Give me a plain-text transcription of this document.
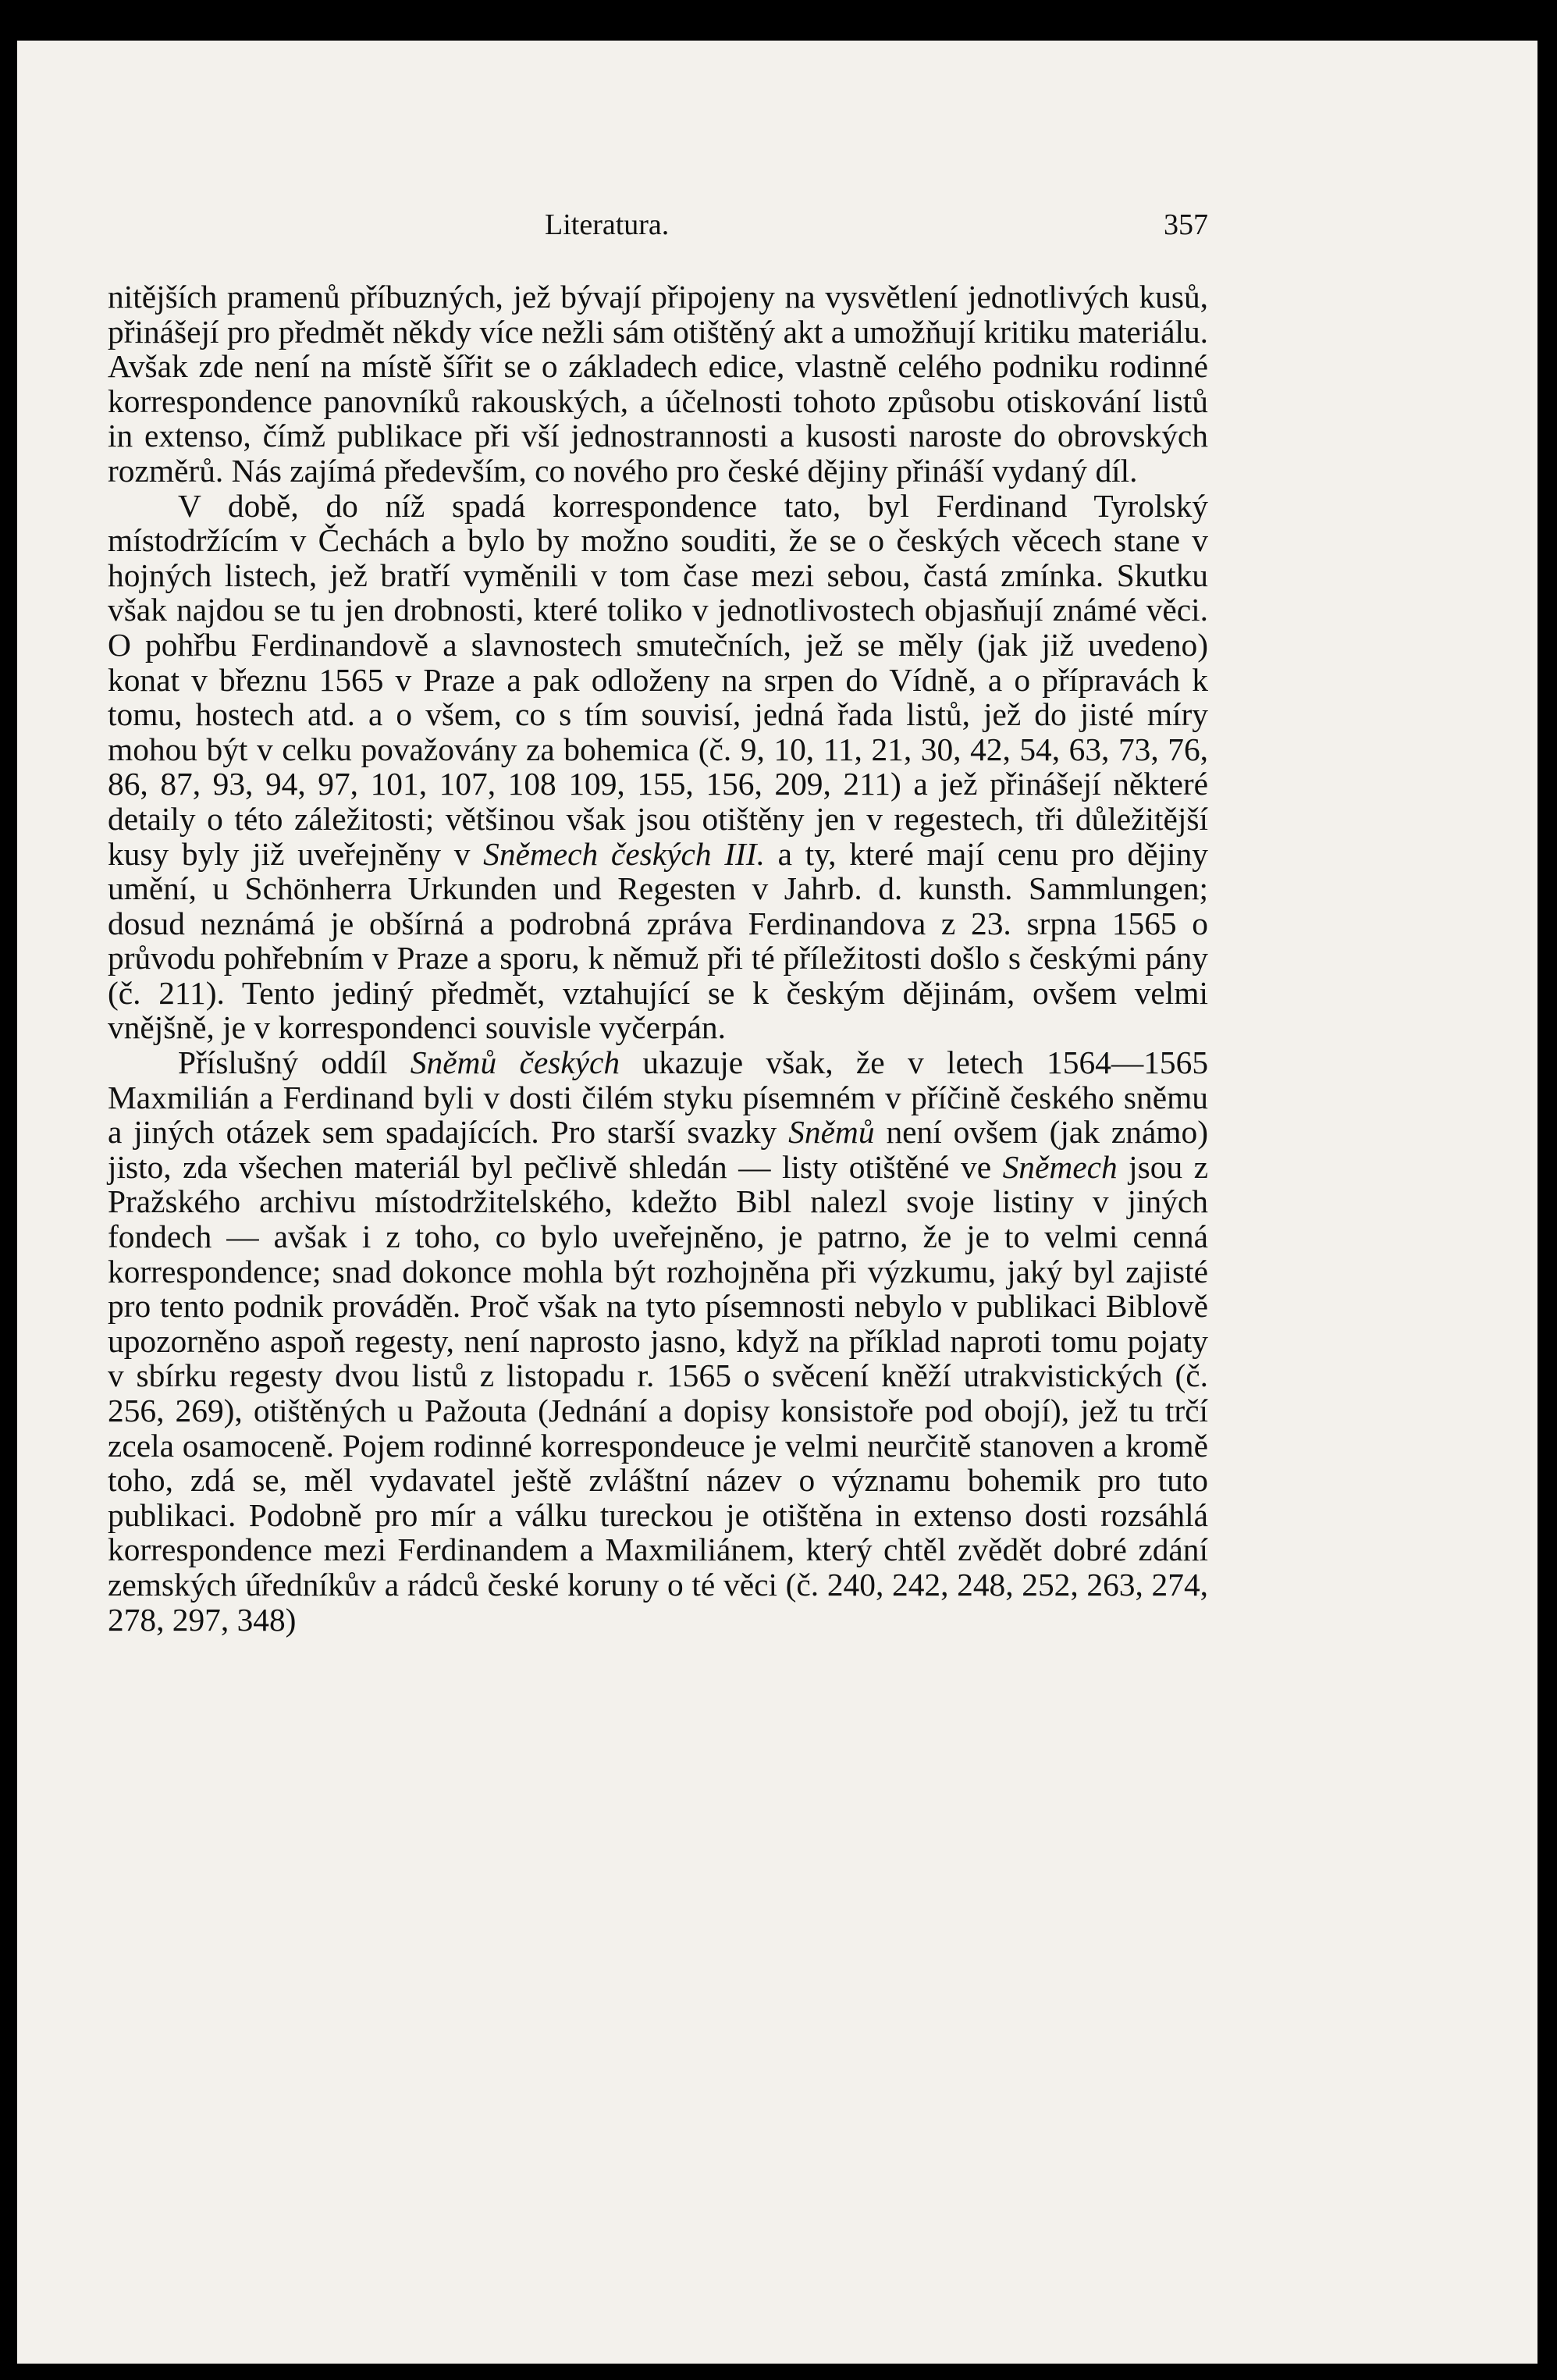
Literatura.	357

nitějších pramenů příbuzných, jež bývají připojeny na vysvětlení jednotlivých kusů, přinášejí pro předmět někdy více nežli sám otištěný akt a umožňují kritiku materiálu. Avšak zde není na místě šířit se o základech edice, vlastně celého podniku rodinné korrespondence panovníků rakouských, a účelnosti tohoto způsobu otiskování listů in extenso, čímž publikace při vší jednostrannosti a kusosti naroste do obrovských rozměrů. Nás zajímá především, co nového pro české dějiny přináší vydaný díl.

V době, do níž spadá korrespondence tato, byl Ferdinand Tyrolský místodržícím v Čechách a bylo by možno souditi, že se o českých věcech stane v hojných listech, jež bratří vyměnili v tom čase mezi sebou, častá zmínka. Skutku však najdou se tu jen drobnosti, které toliko v jednotlivostech objasňují známé věci. O pohřbu Ferdinandově a slavnostech smutečních, jež se měly (jak již uvedeno) konat v březnu 1565 v Praze a pak odloženy na srpen do Vídně, a o přípravách k tomu, hostech atd. a o všem, co s tím souvisí, jedná řada listů, jež do jisté míry mohou být v celku považovány za bohemica (č. 9, 10, 11, 21, 30, 42, 54, 63, 73, 76, 86, 87, 93, 94, 97, 101, 107, 108 109, 155, 156, 209, 211) a jež přinášejí některé detaily o této záležitosti; většinou však jsou otištěny jen v regestech, tři důležitější kusy byly již uveřejněny v Sněmech českých III. a ty, které mají cenu pro dějiny umění, u Schönherra Urkunden und Regesten v Jahrb. d. kunsth. Sammlungen; dosud neznámá je obšírná a podrobná zpráva Ferdinandova z 23. srpna 1565 o průvodu pohřebním v Praze a sporu, k němuž při té příležitosti došlo s českými pány (č. 211). Tento jediný předmět, vztahující se k českým dějinám, ovšem velmi vnějšně, je v korrespondenci souvisle vyčerpán.

Příslušný oddíl Sněmů českých ukazuje však, že v letech 1564—1565 Maxmilián a Ferdinand byli v dosti čilém styku písemném v příčině českého sněmu a jiných otázek sem spadajících. Pro starší svazky Sněmů není ovšem (jak známo) jisto, zda všechen materiál byl pečlivě shledán — listy otištěné ve Sněmech jsou z Pražského archivu místodržitelského, kdežto Bibl nalezl svoje listiny v jiných fondech — avšak i z toho, co bylo uveřejněno, je patrno, že je to velmi cenná korrespondence; snad dokonce mohla být rozhojněna při výzkumu, jaký byl zajisté pro tento podnik prováděn. Proč však na tyto písemnosti nebylo v publikaci Biblově upozorněno aspoň regesty, není naprosto jasno, když na příklad naproti tomu pojaty v sbírku regesty dvou listů z listopadu r. 1565 o svěcení kněží utrakvistických (č. 256, 269), otištěných u Pažouta (Jednání a dopisy konsistoře pod obojí), jež tu trčí zcela osamoceně. Pojem rodinné korrespondeuce je velmi neurčitě stanoven a kromě toho, zdá se, měl vydavatel ještě zvláštní název o významu bohemik pro tuto publikaci. Podobně pro mír a válku tureckou je otištěna in extenso dosti rozsáhlá korrespondence mezi Ferdinandem a Maxmiliánem, který chtěl zvědět dobré zdání zemských úředníkův a rádců české koruny o té věci (č. 240, 242, 248, 252, 263, 274, 278, 297, 348)
